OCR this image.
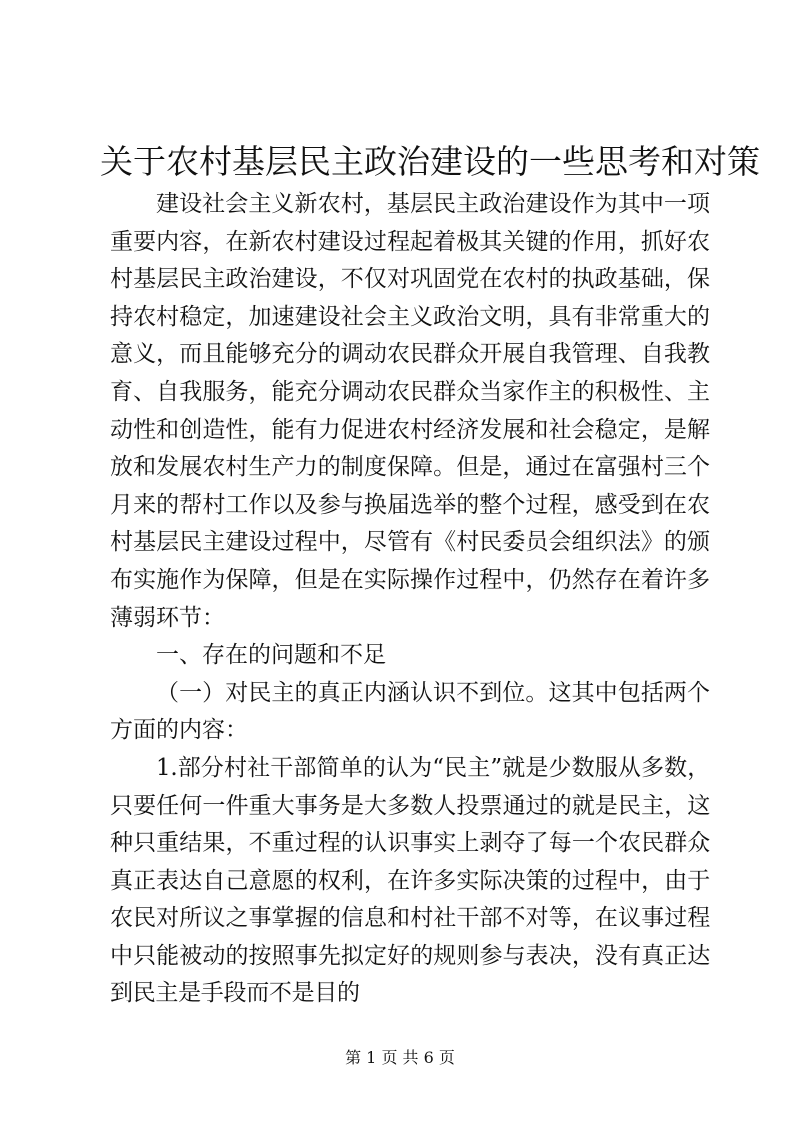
关于农村基层民主政治建设的一些思考和对策

建设社会主义新农村，基层民主政治建设作为其中一项重要内容，在新农村建设过程起着极其关键的作用，抓好农村基层民主政治建设，不仅对巩固党在农村的执政基础，保持农村稳定，加速建设社会主义政治文明，具有非常重大的意义，而且能够充分的调动农民群众开展自我管理、自我教育、自我服务，能充分调动农民群众当家作主的积极性、主动性和创造性，能有力促进农村经济发展和社会稳定，是解放和发展农村生产力的制度保障。但是，通过在富强村三个月来的帮村工作以及参与换届选举的整个过程，感受到在农村基层民主建设过程中，尽管有《村民委员会组织法》的颁布实施作为保障，但是在实际操作过程中，仍然存在着许多薄弱环节：

一、存在的问题和不足

（一）对民主的真正内涵认识不到位。这其中包括两个方面的内容：

1.部分村社干部简单的认为“民主”就是少数服从多数，只要任何一件重大事务是大多数人投票通过的就是民主，这种只重结果，不重过程的认识事实上剥夺了每一个农民群众真正表达自己意愿的权利，在许多实际决策的过程中，由于农民对所议之事掌握的信息和村社干部不对等，在议事过程中只能被动的按照事先拟定好的规则参与表决，没有真正达到民主是手段而不是目的

第 1 页 共 6 页
